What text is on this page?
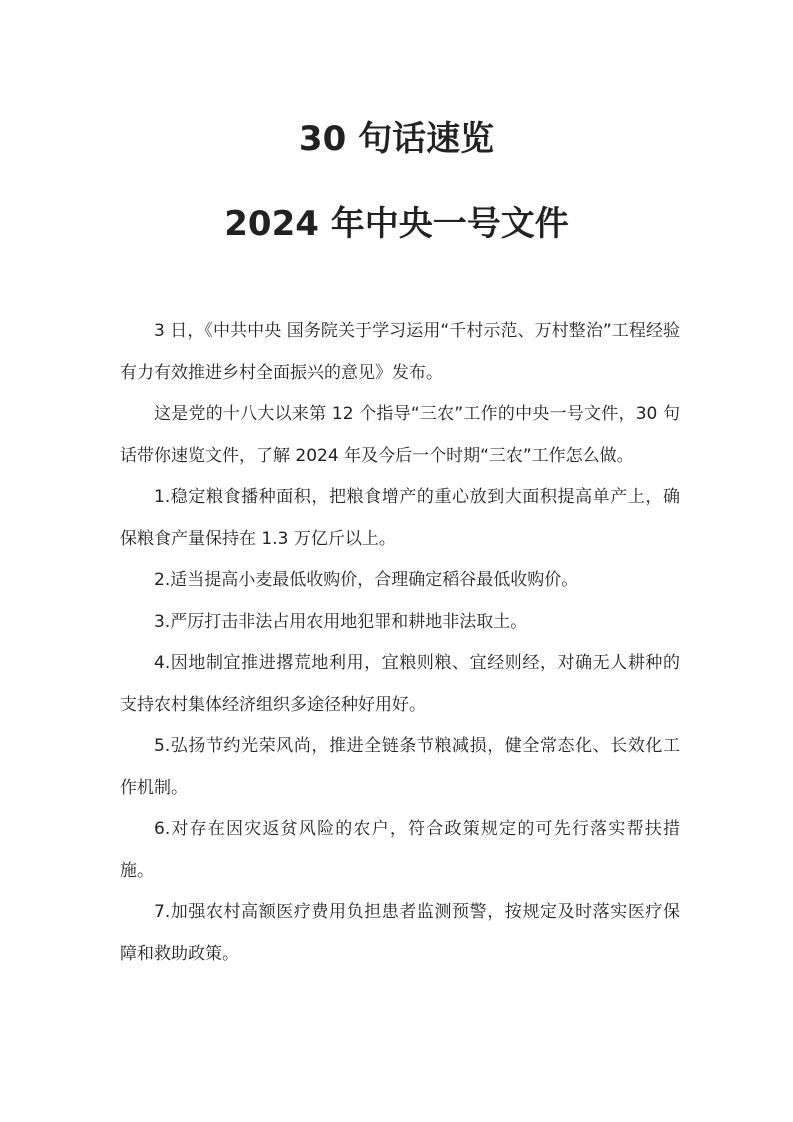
30 句话速览
2024 年中央一号文件

3 日，《中共中央 国务院关于学习运用“千村示范、万村整治”工程经验有力有效推进乡村全面振兴的意见》发布。

这是党的十八大以来第 12 个指导“三农”工作的中央一号文件，30 句话带你速览文件，了解 2024 年及今后一个时期“三农”工作怎么做。

1.稳定粮食播种面积，把粮食增产的重心放到大面积提高单产上，确保粮食产量保持在 1.3 万亿斤以上。

2.适当提高小麦最低收购价，合理确定稻谷最低收购价。

3.严厉打击非法占用农用地犯罪和耕地非法取土。

4.因地制宜推进撂荒地利用，宜粮则粮、宜经则经，对确无人耕种的支持农村集体经济组织多途径种好用好。

5.弘扬节约光荣风尚，推进全链条节粮减损，健全常态化、长效化工作机制。

6.对存在因灾返贫风险的农户，符合政策规定的可先行落实帮扶措施。

7.加强农村高额医疗费用负担患者监测预警，按规定及时落实医疗保障和救助政策。
